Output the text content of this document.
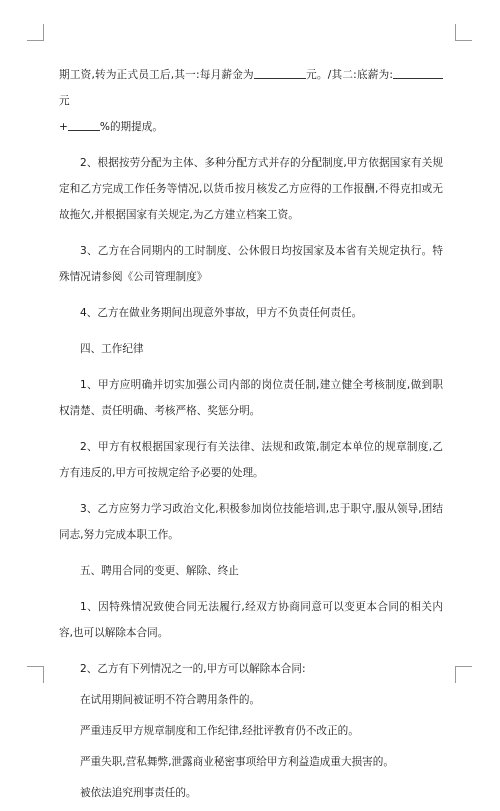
期工资,转为正式员工后,其一:每月薪金为	元。/其二:底薪为:元
+	%的期提成。

2、根据按劳分配为主体、多种分配方式并存的分配制度,甲方依据国家有关规定和乙方完成工作任务等情况,以货币按月核发乙方应得的工作报酬,不得克扣或无故拖欠,并根据国家有关规定,为乙方建立档案工资。

3、乙方在合同期内的工时制度、公休假日均按国家及本省有关规定执行。特殊情况请参阅《公司管理制度》

4、乙方在做业务期间出现意外事故，甲方不负责任何责任。

四、工作纪律

1、甲方应明确并切实加强公司内部的岗位责任制,建立健全考核制度,做到职权清楚、责任明确、考核严格、奖惩分明。

2、甲方有权根据国家现行有关法律、法规和政策,制定本单位的规章制度,乙方有违反的,甲方可按规定给予必要的处理。

3、乙方应努力学习政治文化,积极参加岗位技能培训,忠于职守,服从领导,团结同志,努力完成本职工作。

五、聘用合同的变更、解除、终止

1、因特殊情况致使合同无法履行,经双方协商同意可以变更本合同的相关内容,也可以解除本合同。

2、乙方有下列情况之一的,甲方可以解除本合同:

在试用期间被证明不符合聘用条件的。

严重违反甲方规章制度和工作纪律,经批评教育仍不改正的。

严重失职,营私舞弊,泄露商业秘密事项给甲方利益造成重大损害的。

被依法追究刑事责任的。
